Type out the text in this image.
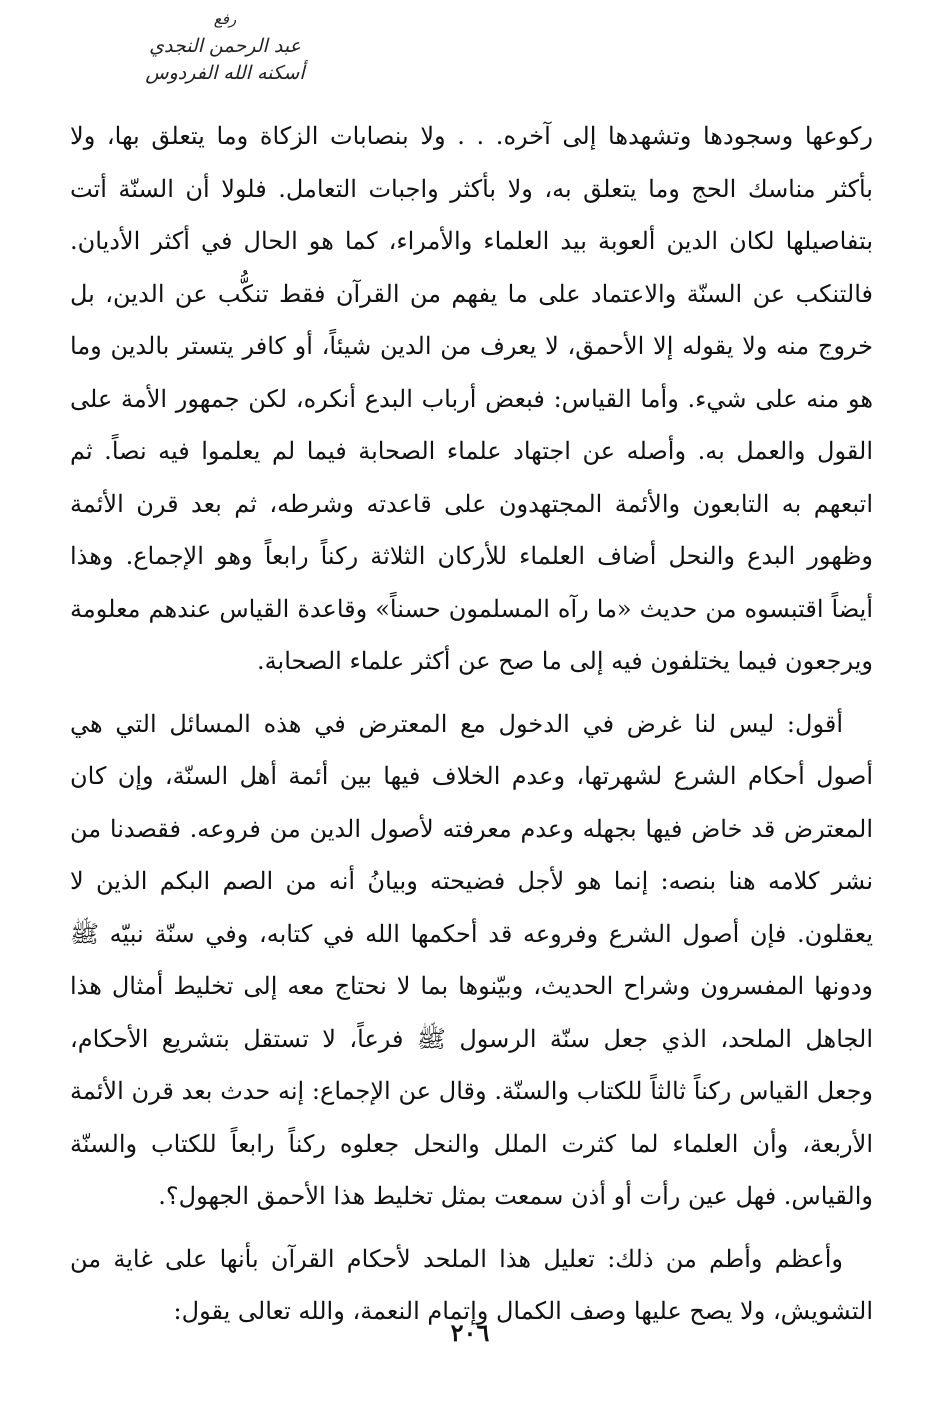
رفع
عبد الرحمن النجدي
أسكنه الله الفردوس

ركوعها وسجودها وتشهدها إلى آخره. . . ولا بنصابات الزكاة وما يتعلق بها، ولا بأكثر مناسك الحج وما يتعلق به، ولا بأكثر واجبات التعامل. فلولا أن السنّة أتت بتفاصيلها لكان الدين ألعوبة بيد العلماء والأمراء، كما هو الحال في أكثر الأديان. فالتنكب عن السنّة والاعتماد على ما يفهم من القرآن فقط تنكُّب عن الدين، بل خروج منه ولا يقوله إلا الأحمق، لا يعرف من الدين شيئاً، أو كافر يتستر بالدين وما هو منه على شيء. وأما القياس: فبعض أرباب البدع أنكره، لكن جمهور الأمة على القول والعمل به. وأصله عن اجتهاد علماء الصحابة فيما لم يعلموا فيه نصاً. ثم اتبعهم به التابعون والأئمة المجتهدون على قاعدته وشرطه، ثم بعد قرن الأئمة وظهور البدع والنحل أضاف العلماء للأركان الثلاثة ركناً رابعاً وهو الإجماع. وهذا أيضاً اقتبسوه من حديث «ما رآه المسلمون حسناً» وقاعدة القياس عندهم معلومة ويرجعون فيما يختلفون فيه إلى ما صح عن أكثر علماء الصحابة.

أقول: ليس لنا غرض في الدخول مع المعترض في هذه المسائل التي هي أصول أحكام الشرع لشهرتها، وعدم الخلاف فيها بين أئمة أهل السنّة، وإن كان المعترض قد خاض فيها بجهله وعدم معرفته لأصول الدين من فروعه. فقصدنا من نشر كلامه هنا بنصه: إنما هو لأجل فضيحته وبيانُ أنه من الصم البكم الذين لا يعقلون. فإن أصول الشرع وفروعه قد أحكمها الله في كتابه، وفي سنّة نبيّه ﷺ ودونها المفسرون وشراح الحديث، وبيّنوها بما لا نحتاج معه إلى تخليط أمثال هذا الجاهل الملحد، الذي جعل سنّة الرسول ﷺ فرعاً، لا تستقل بتشريع الأحكام، وجعل القياس ركناً ثالثاً للكتاب والسنّة. وقال عن الإجماع: إنه حدث بعد قرن الأئمة الأربعة، وأن العلماء لما كثرت الملل والنحل جعلوه ركناً رابعاً للكتاب والسنّة والقياس. فهل عين رأت أو أذن سمعت بمثل تخليط هذا الأحمق الجهول؟.

وأعظم وأطم من ذلك: تعليل هذا الملحد لأحكام القرآن بأنها على غاية من التشويش، ولا يصح عليها وصف الكمال وإتمام النعمة، والله تعالى يقول:

٢٠٦
